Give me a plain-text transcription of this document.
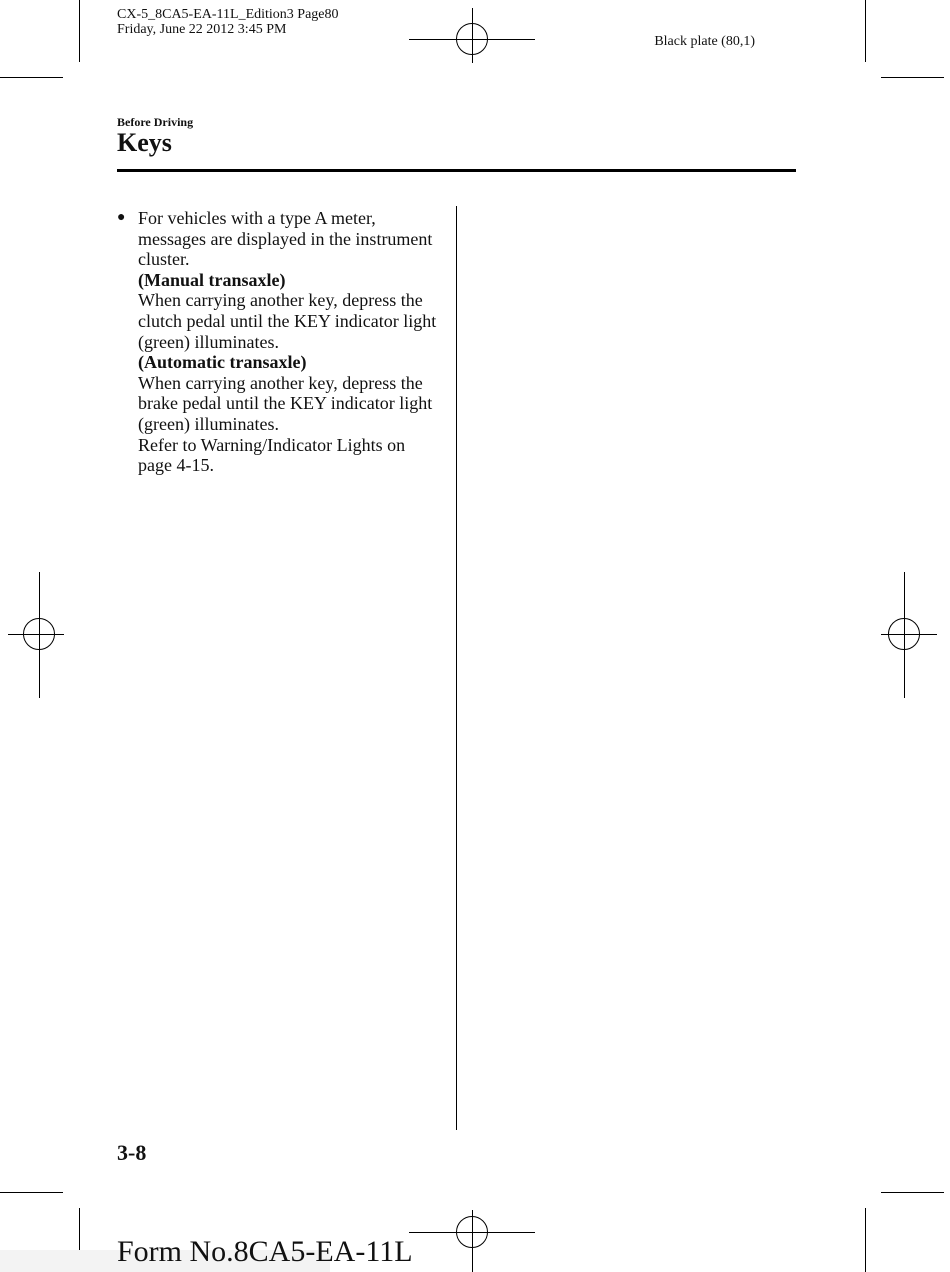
CX-5_8CA5-EA-11L_Edition3 Page80
Friday, June 22 2012 3:45 PM
Black plate (80,1)
Before Driving
Keys
● For vehicles with a type A meter, messages are displayed in the instrument cluster.
(Manual transaxle)
When carrying another key, depress the clutch pedal until the KEY indicator light (green) illuminates.
(Automatic transaxle)
When carrying another key, depress the brake pedal until the KEY indicator light (green) illuminates.
Refer to Warning/Indicator Lights on page 4-15.
3-8
Form No.8CA5-EA-11L
